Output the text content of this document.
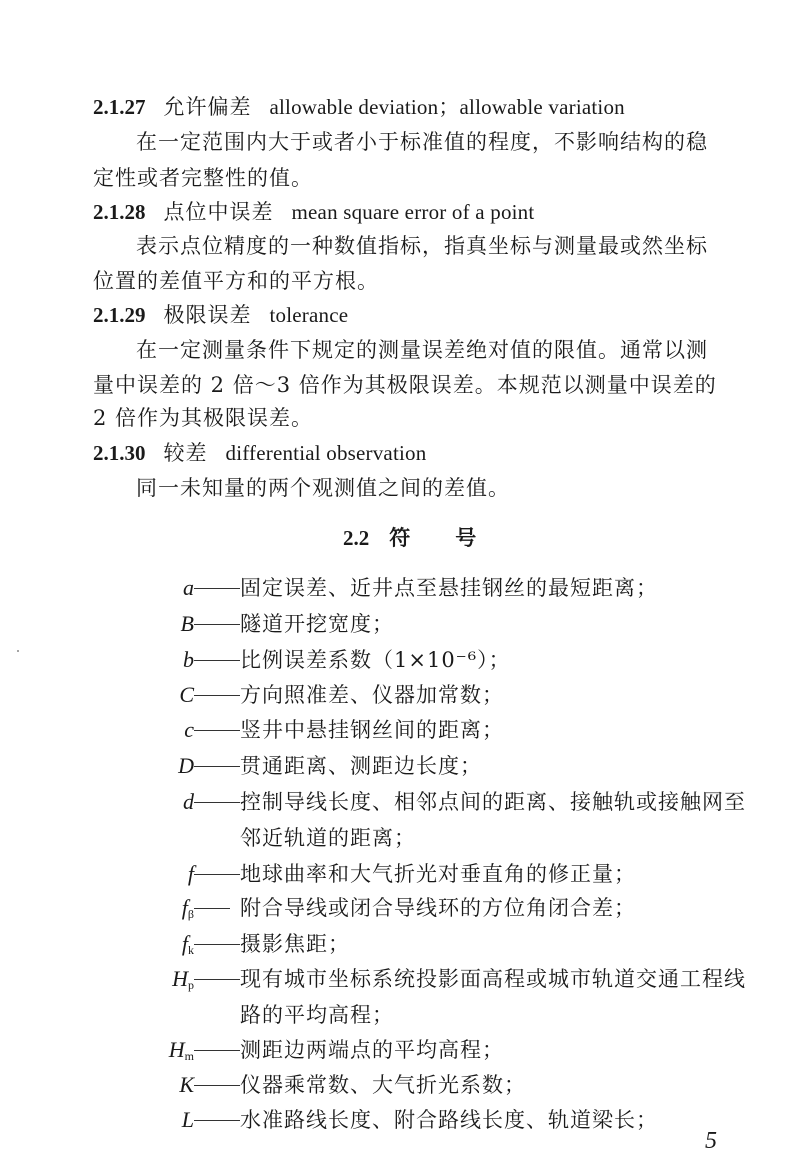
2.1.27 允许偏差 allowable deviation；allowable variation
在一定范围内大于或者小于标准值的程度，不影响结构的稳
定性或者完整性的值。
2.1.28 点位中误差 mean square error of a point
表示点位精度的一种数值指标，指真坐标与测量最或然坐标
位置的差值平方和的平方根。
2.1.29 极限误差 tolerance
在一定测量条件下规定的测量误差绝对值的限值。通常以测
量中误差的 2 倍～3 倍作为其极限误差。本规范以测量中误差的
2 倍作为其极限误差。
2.1.30 较差 differential observation
同一未知量的两个观测值之间的差值。
2.2 符　　号
a 固定误差、近井点至悬挂钢丝的最短距离；
B 隧道开挖宽度；
b 比例误差系数（1×10⁻⁶）；
C 方向照准差、仪器加常数；
c 竖井中悬挂钢丝间的距离；
D 贯通距离、测距边长度；
d 控制导线长度、相邻点间的距离、接触轨或接触网至
邻近轨道的距离；
f 地球曲率和大气折光对垂直角的修正量；
$f_\beta$ 附合导线或闭合导线环的方位角闭合差；
$f_k$ 摄影焦距；
$H_p$ 现有城市坐标系统投影面高程或城市轨道交通工程线
路的平均高程；
$H_m$ 测距边两端点的平均高程；
K 仪器乘常数、大气折光系数；
L 水准路线长度、附合路线长度、轨道梁长；
5
